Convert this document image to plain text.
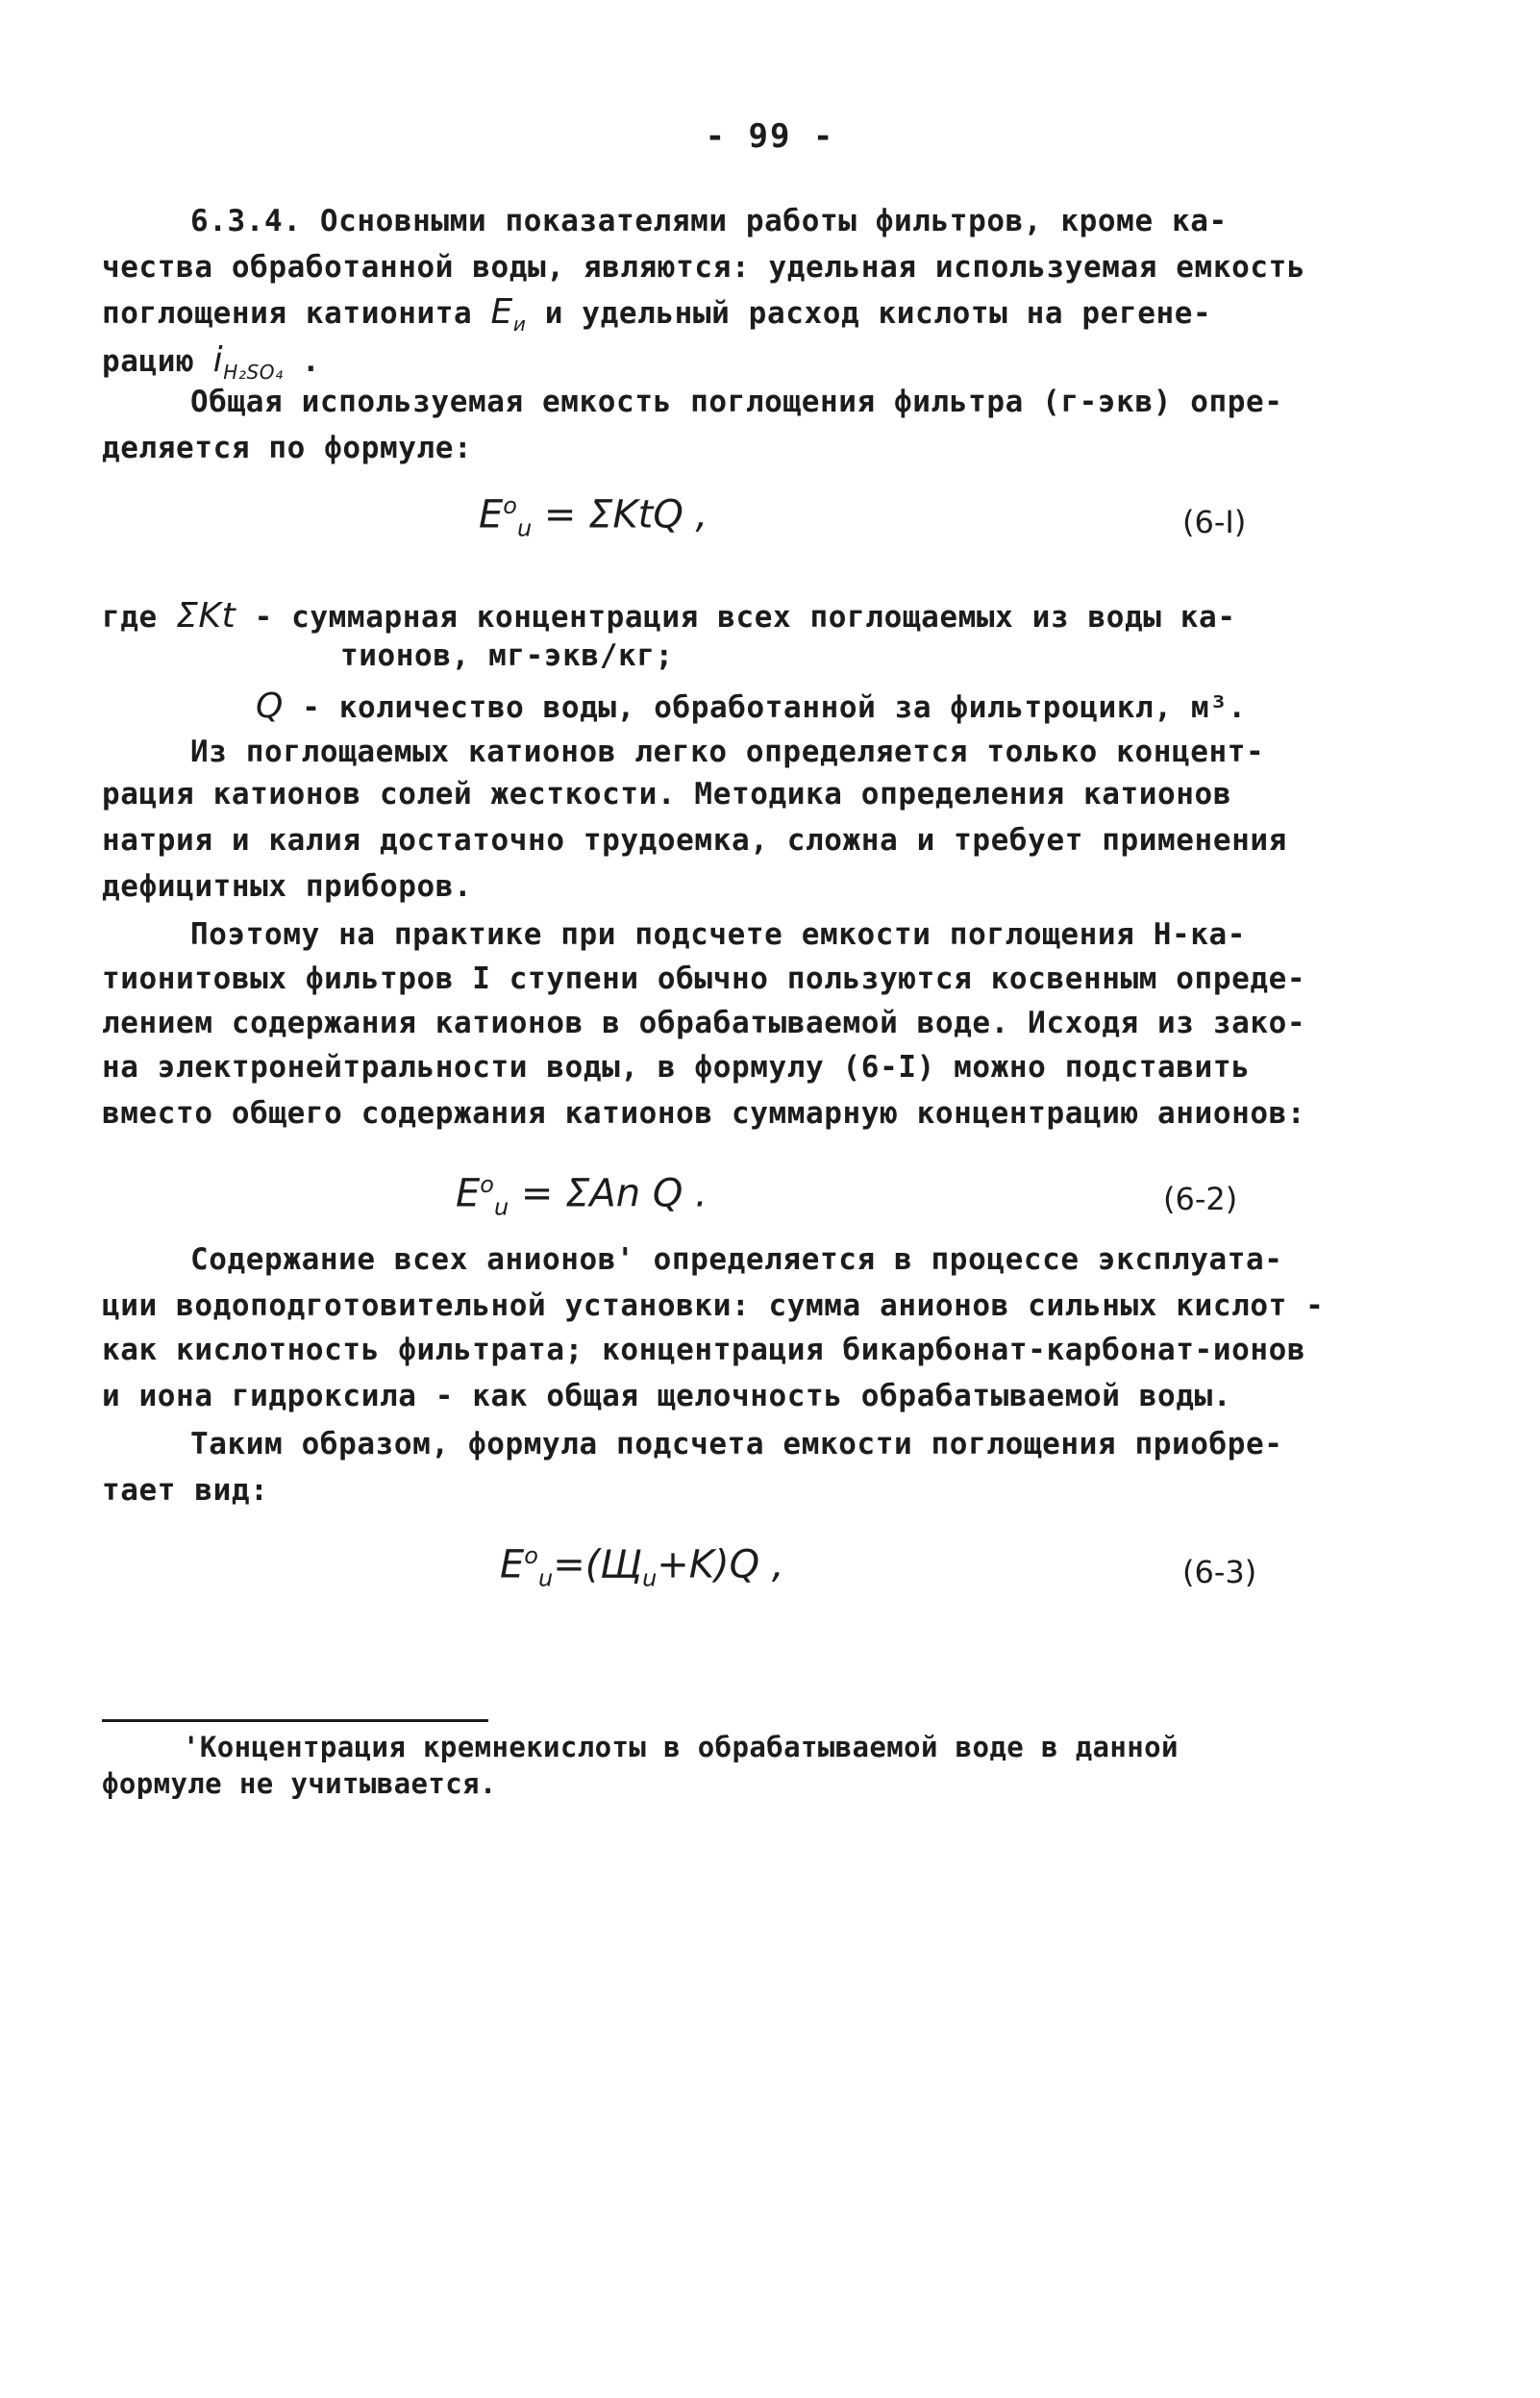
- 99 -
6.3.4. Основными показателями работы фильтров, кроме ка-
чества обработанной воды, являются: удельная используемая емкость
поглощения катионита $Е_и$ и удельный расход кислоты на регене-
рацию $i_{H_2SO_4}$ .
Общая используемая емкость поглощения фильтра (г-экв) опре-
деляется по формуле:
$E^o_u = \Sigma KtQ$ ,	(6-I)
где ΣKt - суммарная концентрация всех поглощаемых из воды ка-
тионов, мг-экв/кг;
Q - количество воды, обработанной за фильтроцикл, м³.
Из поглощаемых катионов легко определяется только концент-
рация катионов солей жесткости. Методика определения катионов
натрия и калия достаточно трудоемка, сложна и требует применения
дефицитных приборов.
Поэтому на практике при подсчете емкости поглощения Н-ка-
тионитовых фильтров I ступени обычно пользуются косвенным опреде-
лением содержания катионов в обрабатываемой воде. Исходя из зако-
на электронейтральности воды, в формулу (6-I) можно подставить
вместо общего содержания катионов суммарную концентрацию анионов:
$E^o_u = \Sigma An$ Q .	(6-2)
Содержание всех анионов' определяется в процессе эксплуата-
ции водоподготовительной установки: сумма анионов сильных кислот -
как кислотность фильтрата; концентрация бикарбонат-карбонат-ионов
и иона гидроксила - как общая щелочность обрабатываемой воды.
Таким образом, формула подсчета емкости поглощения приобре-
тает вид:
$E^o_u=(Щ_u+K)Q$ ,	(6-3)
'Концентрация кремнекислоты в обрабатываемой воде в данной
формуле не учитывается.
